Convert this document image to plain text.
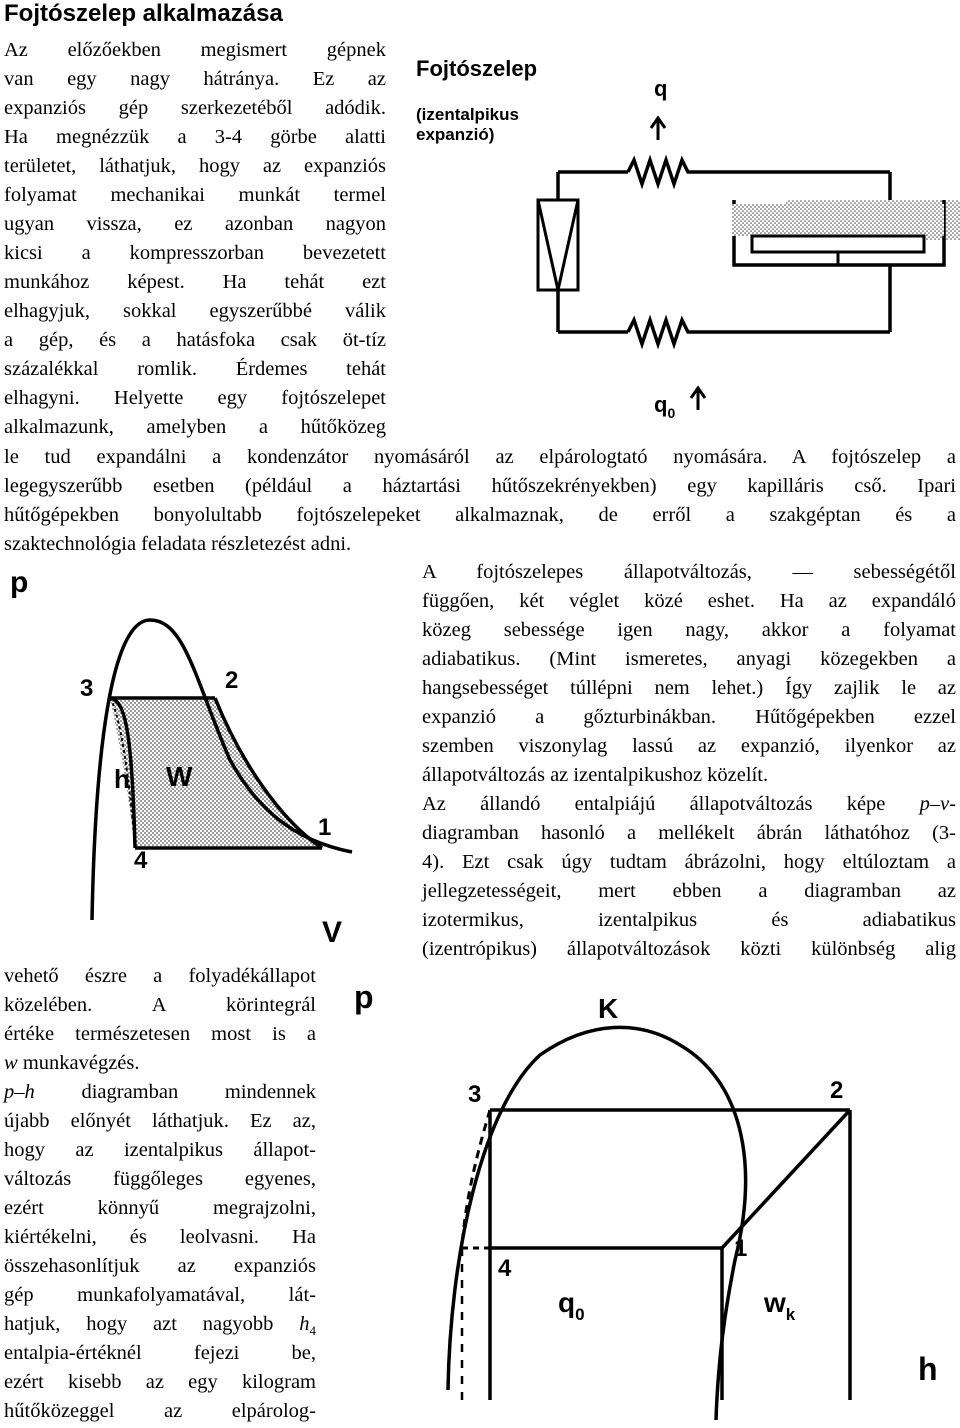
Fojtószelep alkalmazása
Az előzőekben megismert gépnek
van egy nagy hátránya. Ez az
expanziós gép szerkezetéből adódik.
Ha megnézzük a 3-4 görbe alatti
területet, láthatjuk, hogy az expanziós
folyamat mechanikai munkát termel
ugyan vissza, ez azonban nagyon
kicsi a kompresszorban bevezetett
munkához képest. Ha tehát ezt
elhagyjuk, sokkal egyszerűbbé válik
a gép, és a hatásfoka csak öt-tíz
százalékkal romlik. Érdemes tehát
elhagyni. Helyette egy fojtószelepet
alkalmazunk, amelyben a hűtőközeg
le tud expandálni a kondenzátor nyomásáról az elpárologtató nyomására. A fojtószelep a
legegyszerűbb esetben (például a háztartási hűtőszekrényekben) egy kapilláris cső. Ipari
hűtőgépekben bonyolultabb fojtószelepeket alkalmaznak, de erről a szakgéptan és a
szaktechnológia feladata részletezést adni.
A fojtószelepes állapotváltozás, — sebességétől
függően, két véglet közé eshet. Ha az expandáló
közeg sebessége igen nagy, akkor a folyamat
adiabatikus. (Mint ismeretes, anyagi közegekben a
hangsebességet túllépni nem lehet.) Így zajlik le az
expanzió a gőzturbinákban. Hűtőgépekben ezzel
szemben viszonylag lassú az expanzió, ilyenkor az
állapotváltozás az izentalpikushoz közelít.
Az állandó entalpiájú állapotváltozás képe p–v-
diagramban hasonló a mellékelt ábrán láthatóhoz (3-
4). Ezt csak úgy tudtam ábrázolni, hogy eltúloztam a
jellegzetességeit, mert ebben a diagramban az
izotermikus, izentalpikus és adiabatikus
(izentrópikus) állapotváltozások közti különbség alig
vehető észre a folyadékállapot
közelében. A körintegrál
értéke természetesen most is a
w munkavégzés.
p–h diagramban mindennek
újabb előnyét láthatjuk. Ez az,
hogy az izentalpikus állapot-
változás függőleges egyenes,
ezért könnyű megrajzolni,
kiértékelni, és leolvasni. Ha
összehasonlítjuk az expanziós
gép munkafolyamatával, lát-
hatjuk, hogy azt nagyobb $h_4$
entalpia-értéknél fejezi be,
ezért kisebb az egy kilogram
hűtőközeggel az elpárolog-
Fojtószelep
(izentalpikus
expanzió)
q
$q_0$
p
V
3	2
1
4
h W
p
h
K
3	2
1
4
$q_0$	$w_k$
